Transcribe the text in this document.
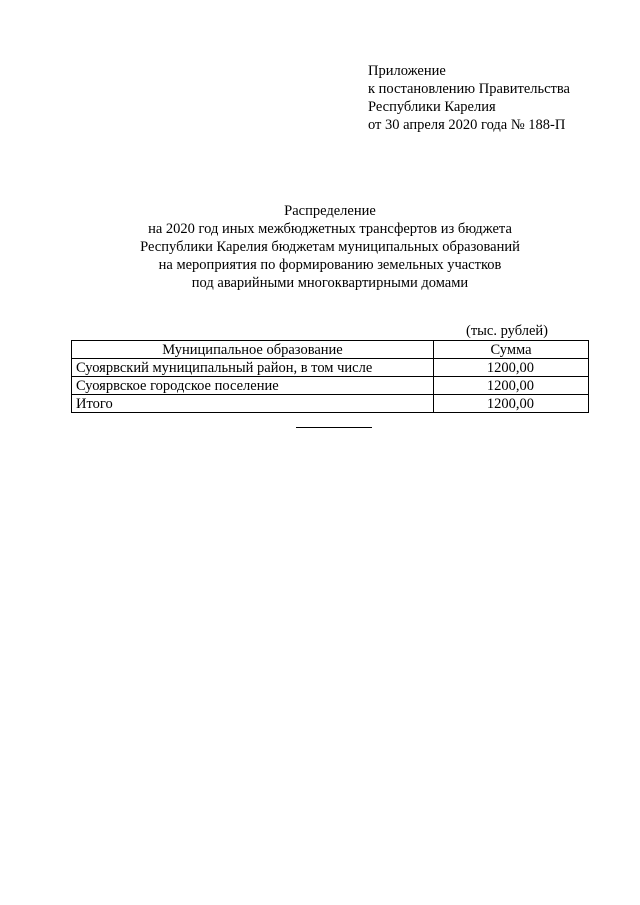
Приложение
к постановлению Правительства
Республики Карелия
от 30 апреля 2020 года № 188-П
Распределение
на 2020 год иных межбюджетных трансфертов из бюджета
Республики Карелия бюджетам муниципальных образований
на мероприятия по формированию земельных участков
под аварийными многоквартирными домами
(тыс. рублей)
Муниципальное образование	Сумма
Суоярвский муниципальный район, в том числе	1200,00
Суоярвское городское поселение	1200,00
Итого	1200,00
